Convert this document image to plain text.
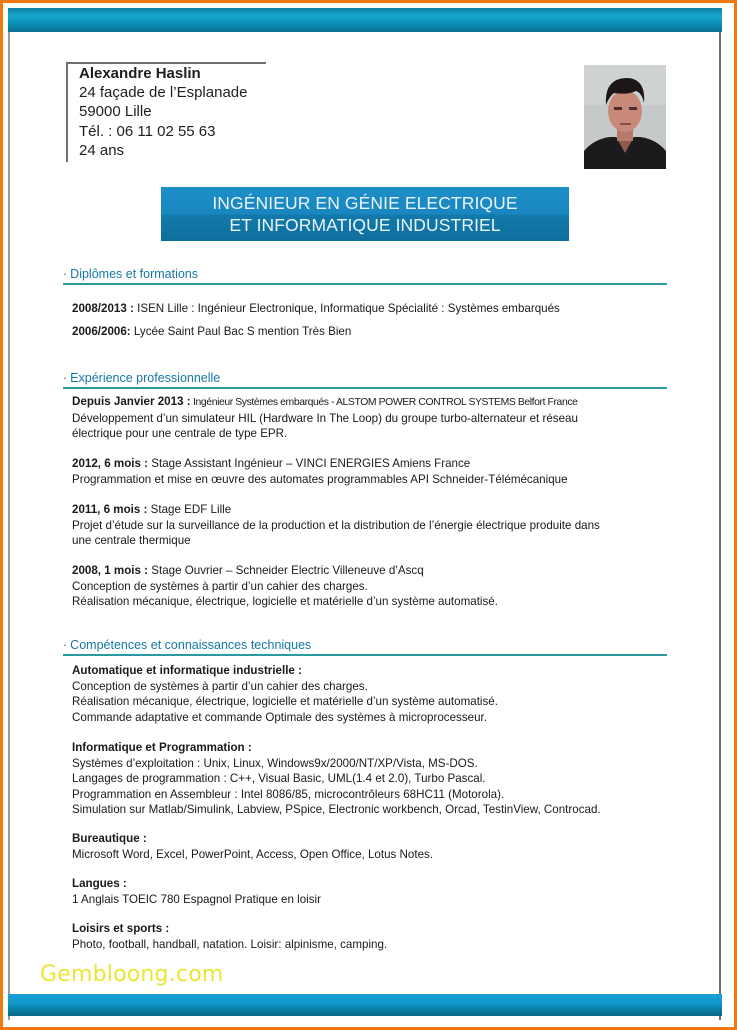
Alexandre Haslin
24 façade de l’Esplanade
59000 Lille
Tél. : 06 11 02 55 63
24 ans
INGÉNIEUR EN GÉNIE ELECTRIQUE
ET INFORMATIQUE INDUSTRIEL
· Diplômes et formations
2008/2013 : ISEN Lille : Ingénieur Electronique, Informatique Spécialité : Systèmes embarqués
2006/2006: Lycée Saint Paul Bac S mention Très Bien
· Expérience professionnelle
Depuis Janvier 2013 : Ingénieur Systèmes embarqués - ALSTOM POWER CONTROL SYSTEMS Belfort France
Développement d’un simulateur HIL (Hardware In The Loop) du groupe turbo-alternateur et réseau
électrique pour une centrale de type EPR.
2012, 6 mois : Stage Assistant Ingénieur – VINCI ENERGIES Amiens France
Programmation et mise en œuvre des automates programmables API Schneider-Télémécanique
2011, 6 mois : Stage EDF Lille
Projet d’étude sur la surveillance de la production et la distribution de l’énergie électrique produite dans
une centrale thermique
2008, 1 mois : Stage Ouvrier – Schneider Electric Villeneuve d’Ascq
Conception de systèmes à partir d’un cahier des charges.
Réalisation mécanique, électrique, logicielle et matérielle d’un système automatisé.
· Compétences et connaissances techniques
Automatique et informatique industrielle :
Conception de systèmes à partir d’un cahier des charges.
Réalisation mécanique, électrique, logicielle et matérielle d’un système automatisé.
Commande adaptative et commande Optimale des systèmes à microprocesseur.
Informatique et Programmation :
Systèmes d’exploitation : Unix, Linux, Windows9x/2000/NT/XP/Vista, MS-DOS.
Langages de programmation : C++, Visual Basic, UML(1.4 et 2.0), Turbo Pascal.
Programmation en Assembleur : Intel 8086/85, microcontrôleurs 68HC11 (Motorola).
Simulation sur Matlab/Simulink, Labview, PSpice, Electronic workbench, Orcad, TestinView, Controcad.
Bureautique :
Microsoft Word, Excel, PowerPoint, Access, Open Office, Lotus Notes.
Langues :
1 Anglais TOEIC 780 Espagnol Pratique en loisir
Loisirs et sports :
Photo, football, handball, natation. Loisir: alpinisme, camping.
Gembloong.com
